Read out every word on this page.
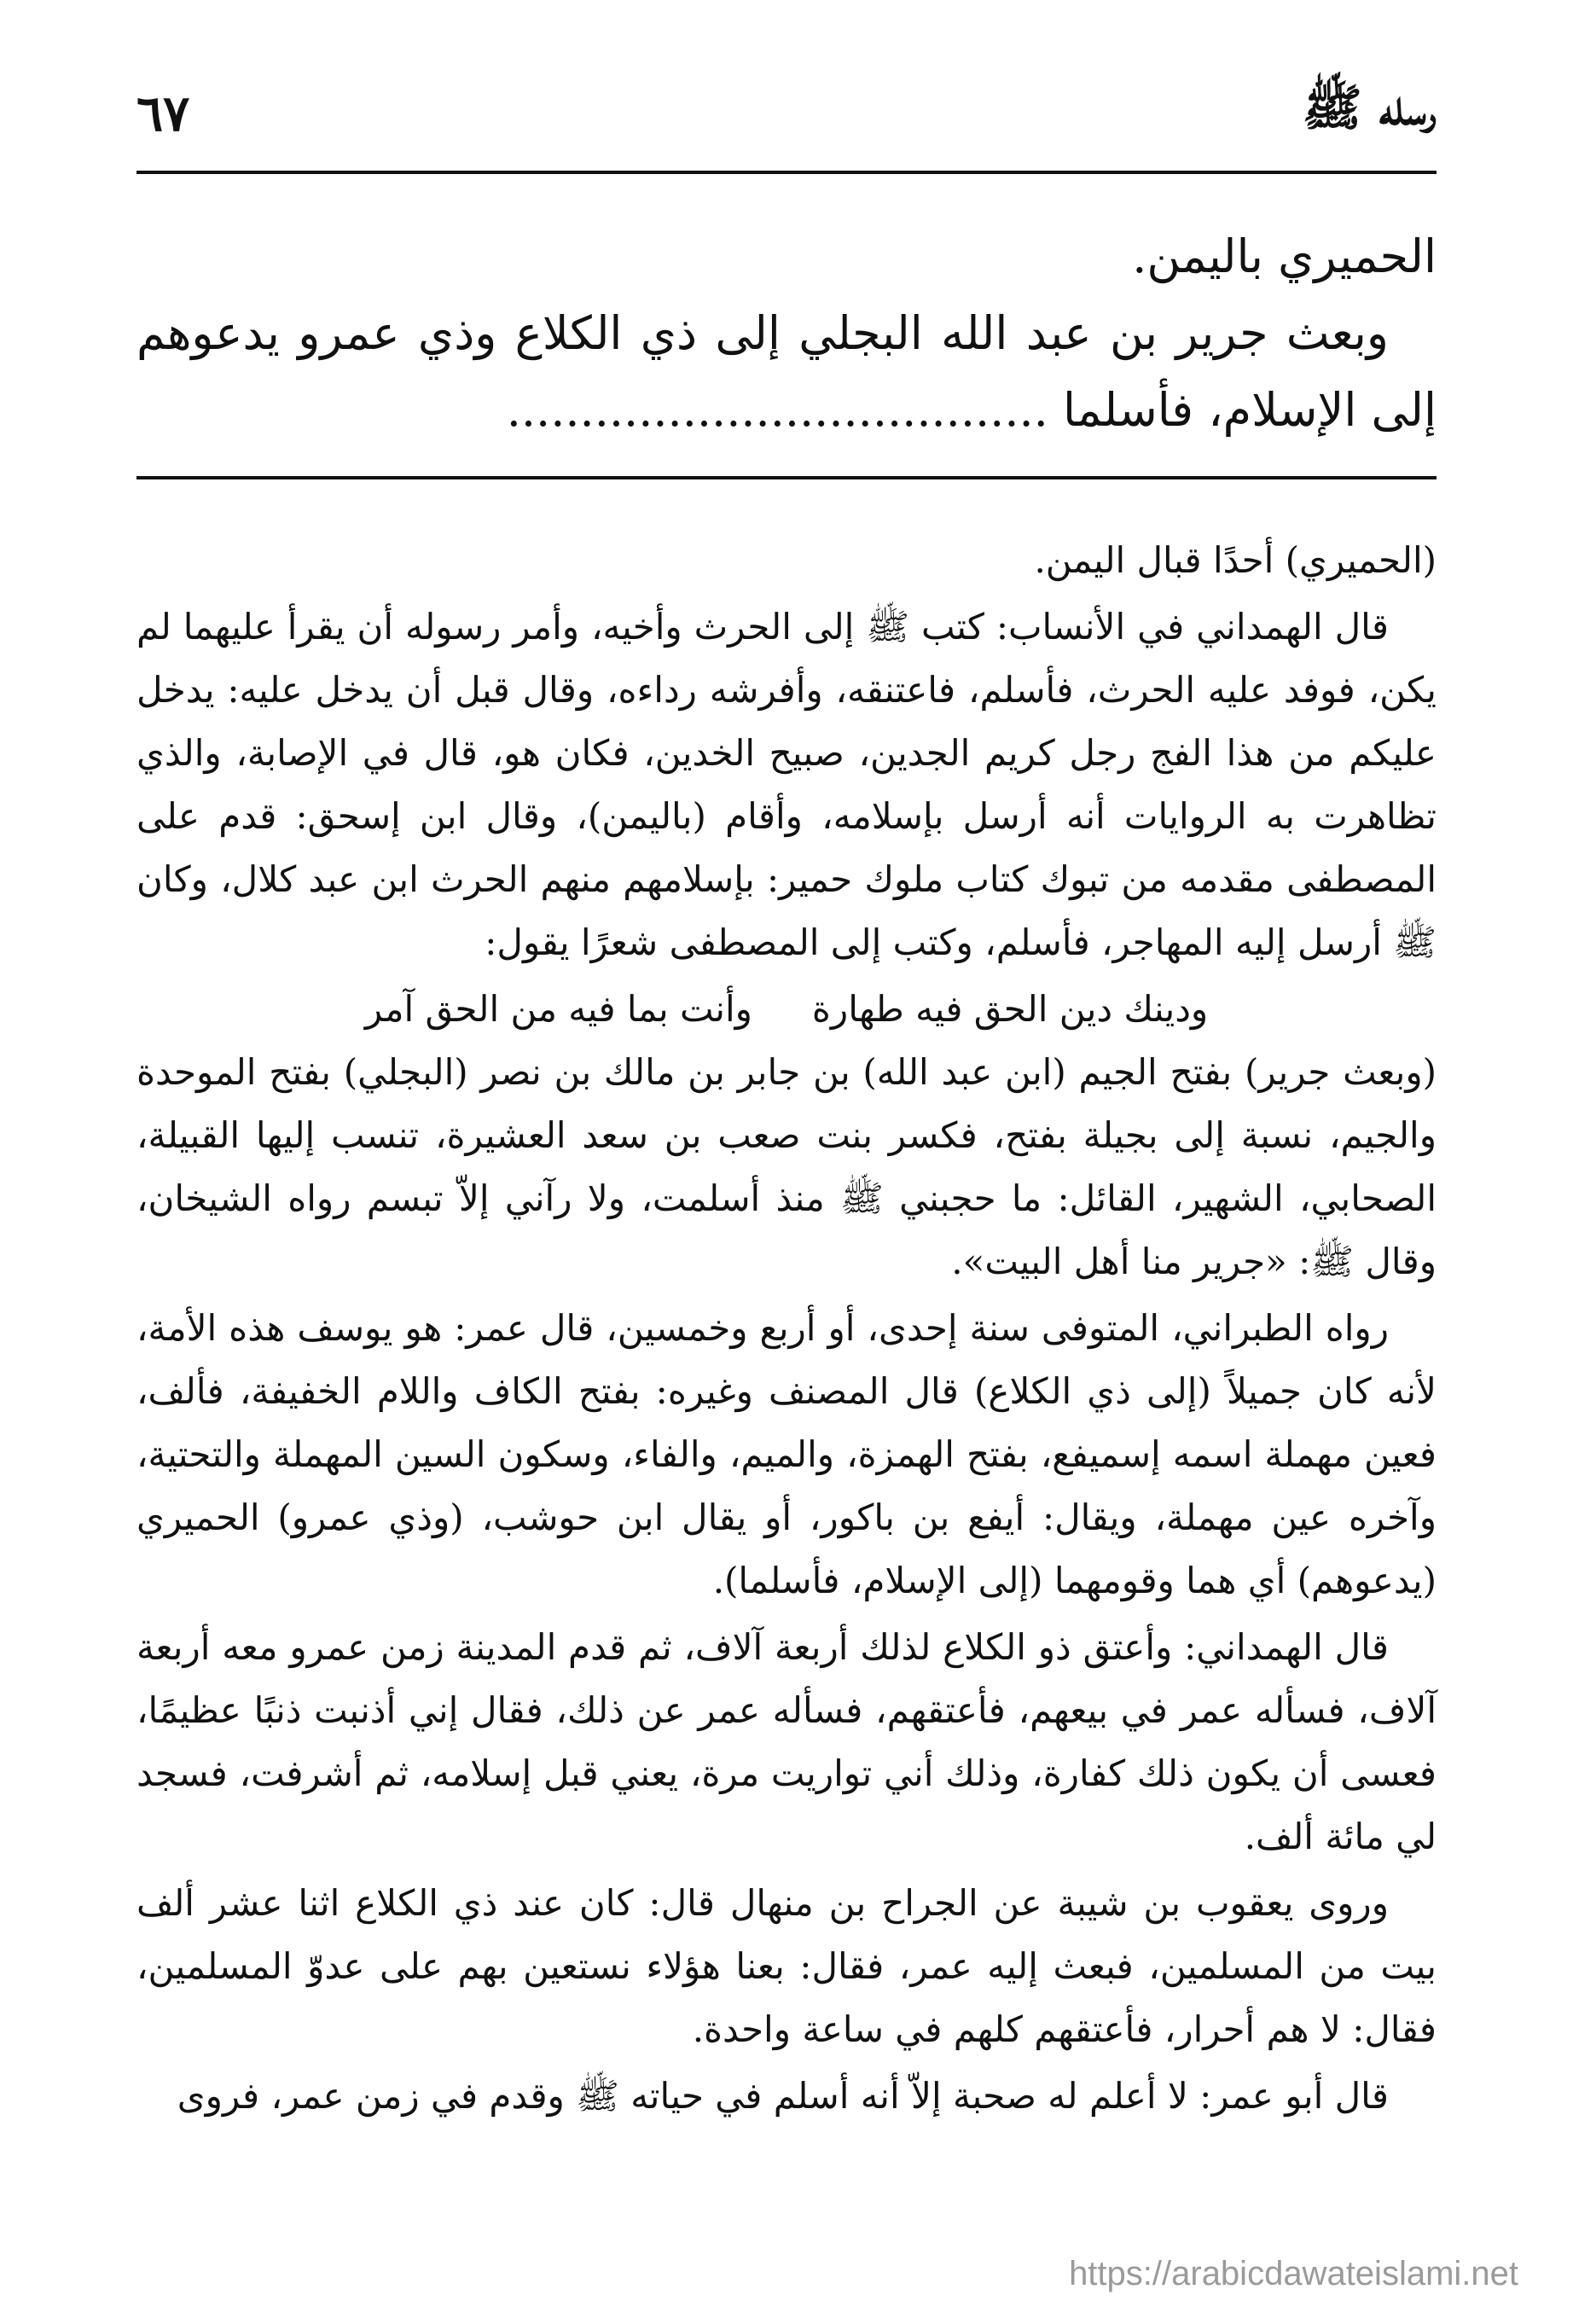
رسله ﷺ
٦٧

الحميري باليمن.

وبعث جرير بن عبد الله البجلي إلى ذي الكلاع وذي عمرو يدعوهم إلى الإسلام، فأسلما .....................................

(الحميري) أحدًا قبال اليمن.

قال الهمداني في الأنساب: كتب ﷺ إلى الحرث وأخيه، وأمر رسوله أن يقرأ عليهما لم يكن، فوفد عليه الحرث، فأسلم، فاعتنقه، وأفرشه رداءه، وقال قبل أن يدخل عليه: يدخل عليكم من هذا الفج رجل كريم الجدين، صبيح الخدين، فكان هو، قال في الإصابة، والذي تظاهرت به الروايات أنه أرسل بإسلامه، وأقام (باليمن)، وقال ابن إسحق: قدم على المصطفى مقدمه من تبوك كتاب ملوك حمير: بإسلامهم منهم الحرث ابن عبد كلال، وكان ﷺ أرسل إليه المهاجر، فأسلم، وكتب إلى المصطفى شعرًا يقول:

ودينك دين الحق فيه طهارة
وأنت بما فيه من الحق آمر

(وبعث جرير) بفتح الجيم (ابن عبد الله) بن جابر بن مالك بن نصر (البجلي) بفتح الموحدة والجيم، نسبة إلى بجيلة بفتح، فكسر بنت صعب بن سعد العشيرة، تنسب إليها القبيلة، الصحابي، الشهير، القائل: ما حجبني ﷺ منذ أسلمت، ولا رآني إلاّ تبسم رواه الشيخان، وقال ﷺ: «جرير منا أهل البيت».

رواه الطبراني، المتوفى سنة إحدى، أو أربع وخمسين، قال عمر: هو يوسف هذه الأمة، لأنه كان جميلاً (إلى ذي الكلاع) قال المصنف وغيره: بفتح الكاف واللام الخفيفة، فألف، فعين مهملة اسمه إسميفع، بفتح الهمزة، والميم، والفاء، وسكون السين المهملة والتحتية، وآخره عين مهملة، ويقال: أيفع بن باكور، أو يقال ابن حوشب، (وذي عمرو) الحميري (يدعوهم) أي هما وقومهما (إلى الإسلام، فأسلما).

قال الهمداني: وأعتق ذو الكلاع لذلك أربعة آلاف، ثم قدم المدينة زمن عمرو معه أربعة آلاف، فسأله عمر في بيعهم، فأعتقهم، فسأله عمر عن ذلك، فقال إني أذنبت ذنبًا عظيمًا، فعسى أن يكون ذلك كفارة، وذلك أني تواريت مرة، يعني قبل إسلامه، ثم أشرفت، فسجد لي مائة ألف.

وروى يعقوب بن شيبة عن الجراح بن منهال قال: كان عند ذي الكلاع اثنا عشر ألف بيت من المسلمين، فبعث إليه عمر، فقال: بعنا هؤلاء نستعين بهم على عدوّ المسلمين، فقال: لا هم أحرار، فأعتقهم كلهم في ساعة واحدة.

قال أبو عمر: لا أعلم له صحبة إلاّ أنه أسلم في حياته ﷺ وقدم في زمن عمر، فروى

https://arabicdawateislami.net
